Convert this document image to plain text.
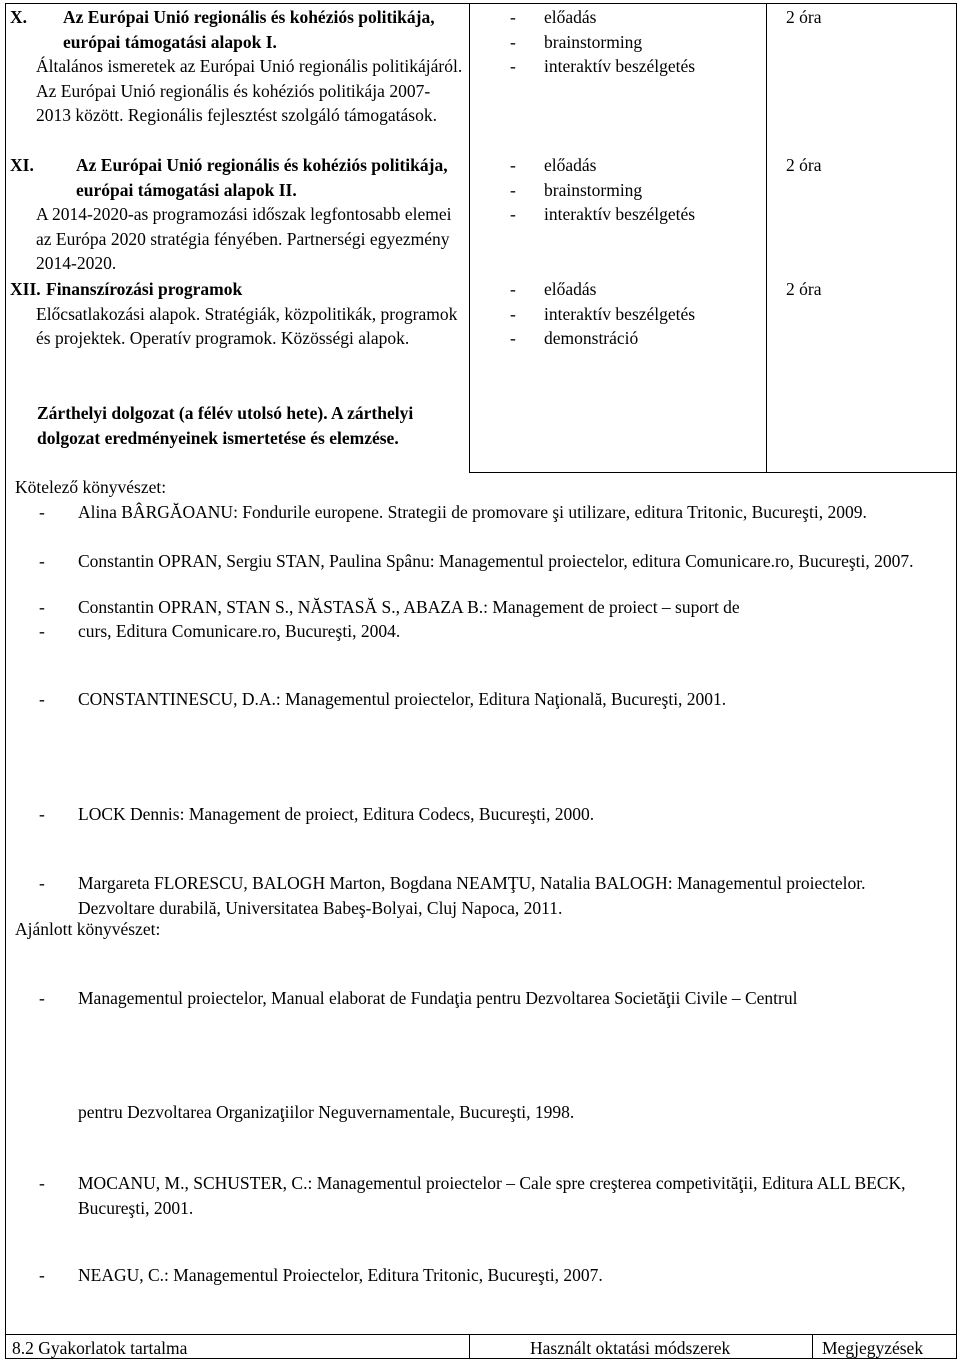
X.	Az Európai Unió regionális és kohéziós politikája, európai támogatási alapok I.
Általános ismeretek az Európai Unió regionális politikájáról. Az Európai Unió regionális és kohéziós politikája 2007-2013 között. Regionális fejlesztést szolgáló támogatások.
- előadás
- brainstorming
- interaktív beszélgetés
2 óra
XI.	Az Európai Unió regionális és kohéziós politikája, európai támogatási alapok II.
A 2014-2020-as programozási időszak legfontosabb elemei az Európa 2020 stratégia fényében. Partnerségi egyezmény 2014-2020.
- előadás
- brainstorming
- interaktív beszélgetés
2 óra
XII. Finanszírozási programok
Előcsatlakozási alapok. Stratégiák, közpolitikák, programok és projektek. Operatív programok. Közösségi alapok.
- előadás
- interaktív beszélgetés
- demonstráció
2 óra
Zárthelyi dolgozat (a félév utolsó hete). A zárthelyi dolgozat eredményeinek ismertetése és elemzése.
Kötelező könyvészet:
-	Alina BÂRGĂOANU: Fondurile europene. Strategii de promovare şi utilizare, editura Tritonic, Bucureşti, 2009.
-	Constantin OPRAN, Sergiu STAN, Paulina Spânu: Managementul proiectelor, editura Comunicare.ro, Bucureşti, 2007.
-	Constantin OPRAN, STAN S., NĂSTASĂ S., ABAZA B.: Management de proiect – suport de
-	curs, Editura Comunicare.ro, Bucureşti, 2004.
-	CONSTANTINESCU, D.A.: Managementul proiectelor, Editura Naţională, Bucureşti, 2001.
-	LOCK Dennis: Management de proiect, Editura Codecs, Bucureşti, 2000.
-	Margareta FLORESCU, BALOGH Marton, Bogdana NEAMŢU, Natalia BALOGH: Managementul proiectelor. Dezvoltare durabilă, Universitatea Babeş-Bolyai, Cluj Napoca, 2011.
Ajánlott könyvészet:
-	Managementul proiectelor, Manual elaborat de Fundaţia pentru Dezvoltarea Societăţii Civile – Centrul
pentru Dezvoltarea Organizaţiilor Neguvernamentale, Bucureşti, 1998.
-	MOCANU, M., SCHUSTER, C.: Managementul proiectelor – Cale spre creşterea competivităţii, Editura ALL BECK, Bucureşti, 2001.
-	NEAGU, C.: Managementul Proiectelor, Editura Tritonic, Bucureşti, 2007.
8.2 Gyakorlatok tartalma	Használt oktatási módszerek	Megjegyzések
